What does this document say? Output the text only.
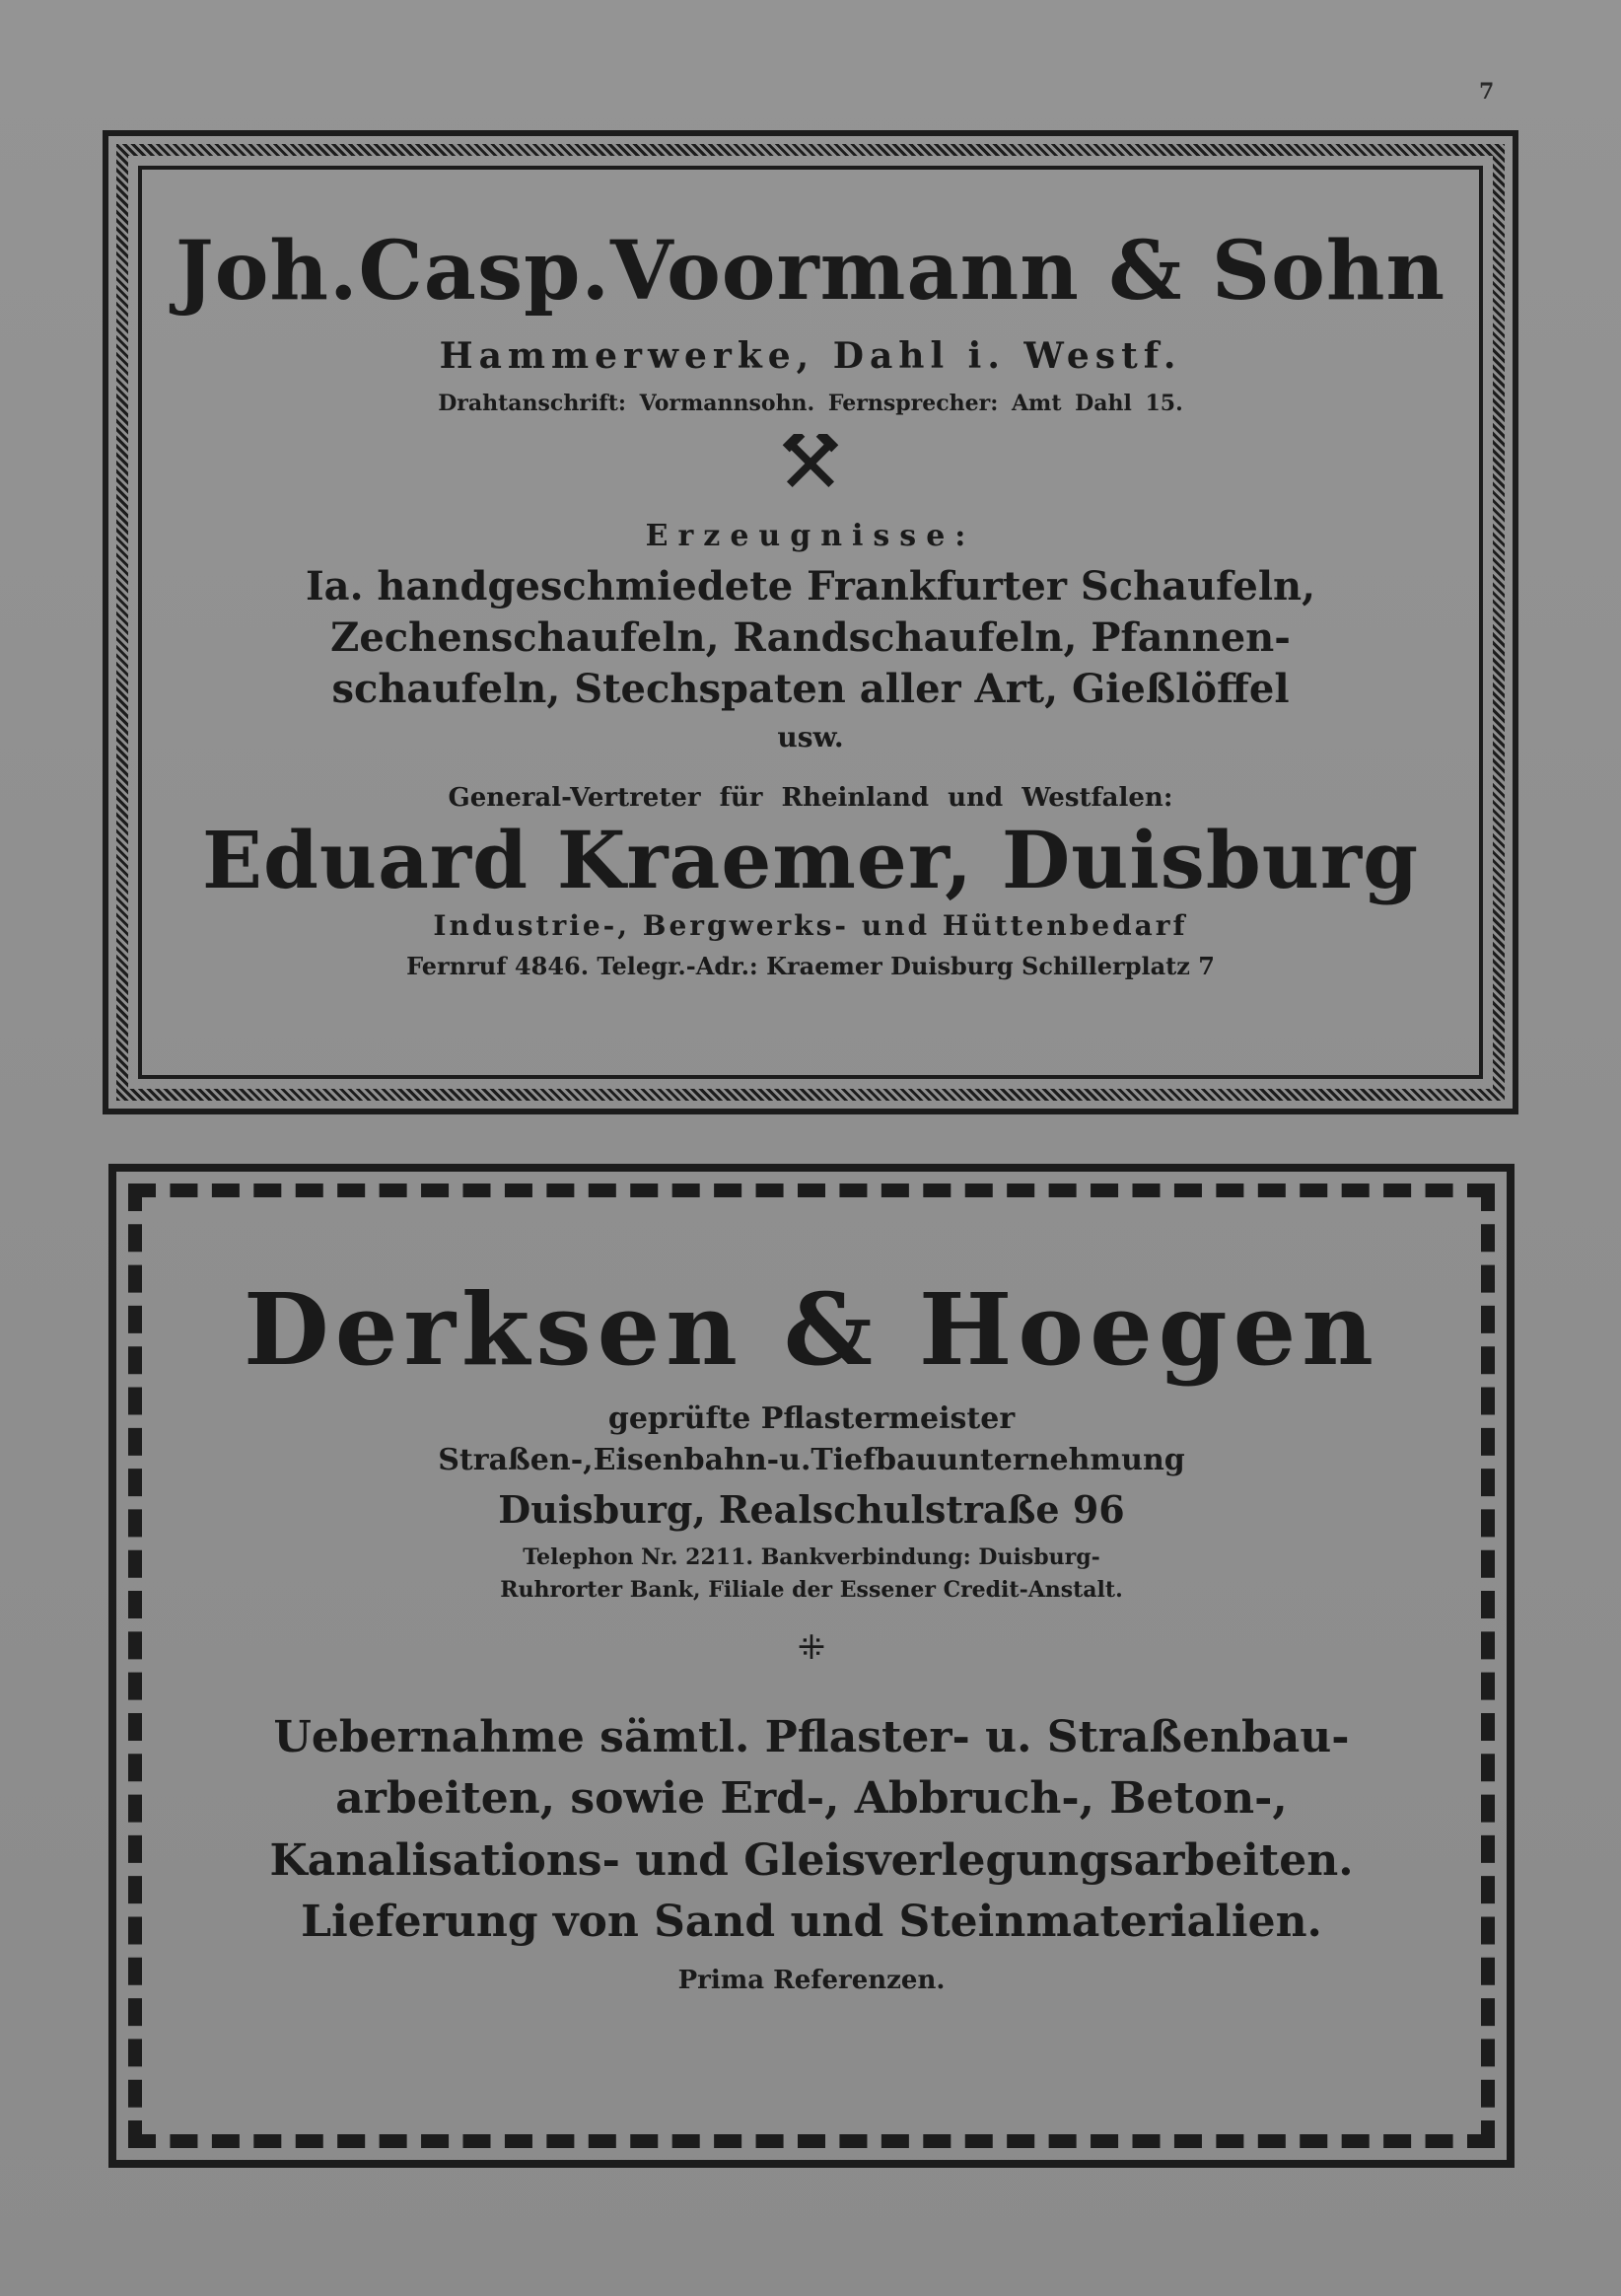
7
Joh.Casp.Voormann & Sohn
Hammerwerke, Dahl i. Westf.
Drahtanschrift: Vormannsohn. Fernsprecher: Amt Dahl 15.
Erzeugnisse:
Ia. handgeschmiedete Frankfurter Schaufeln,
Zechenschaufeln, Randschaufeln, Pfannen-
schaufeln, Stechspaten aller Art, Gießlöffel
usw.
General-Vertreter für Rheinland und Westfalen:
Eduard Kraemer, Duisburg
Industrie-, Bergwerks- und Hüttenbedarf
Fernruf 4846. Telegr.-Adr.: Kraemer Duisburg Schillerplatz 7
Derksen & Hoegen
geprüfte Pflastermeister
Straßen-,Eisenbahn-u.Tiefbauunternehmung
Duisburg, Realschulstraße 96
Telephon Nr. 2211. Bankverbindung: Duisburg-
Ruhrorter Bank, Filiale der Essener Credit-Anstalt.
⁜
Uebernahme sämtl. Pflaster- u. Straßenbau-
arbeiten, sowie Erd-, Abbruch-, Beton-,
Kanalisations- und Gleisverlegungsarbeiten.
Lieferung von Sand und Steinmaterialien.
Prima Referenzen.
